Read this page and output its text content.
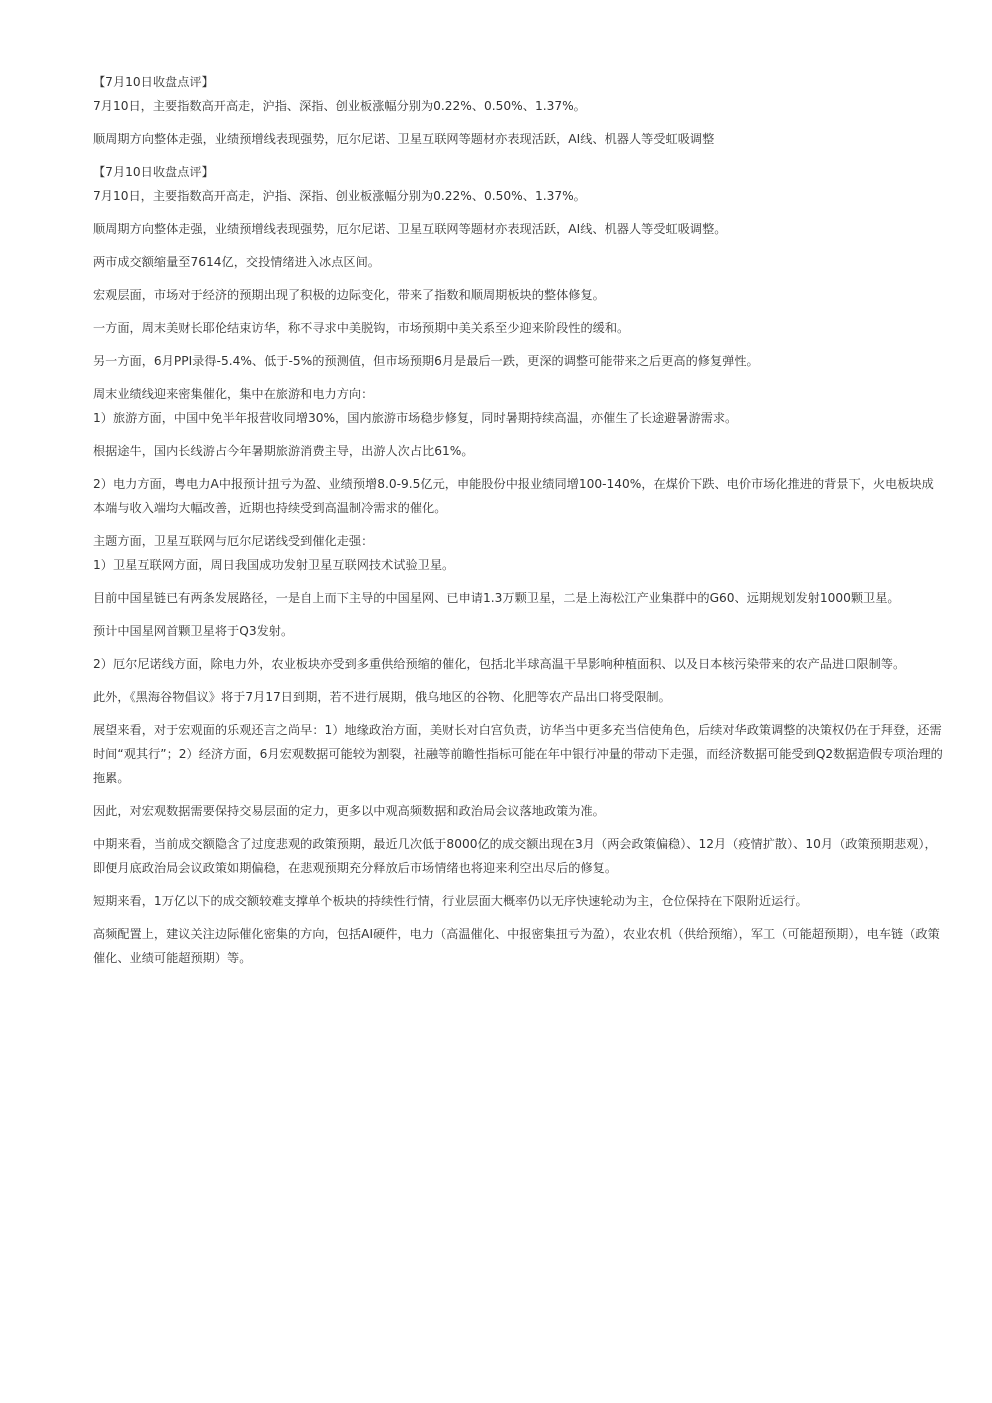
【7月10日收盘点评】

7月10日，主要指数高开高走，沪指、深指、创业板涨幅分别为0.22%、0.50%、1.37%。

顺周期方向整体走强，业绩预增线表现强势，厄尔尼诺、卫星互联网等题材亦表现活跃，AI线、机器人等受虹吸调整

【7月10日收盘点评】

7月10日，主要指数高开高走，沪指、深指、创业板涨幅分别为0.22%、0.50%、1.37%。

顺周期方向整体走强，业绩预增线表现强势，厄尔尼诺、卫星互联网等题材亦表现活跃，AI线、机器人等受虹吸调整。

两市成交额缩量至7614亿，交投情绪进入冰点区间。

宏观层面，市场对于经济的预期出现了积极的边际变化，带来了指数和顺周期板块的整体修复。

一方面，周末美财长耶伦结束访华，称不寻求中美脱钩，市场预期中美关系至少迎来阶段性的缓和。

另一方面，6月PPI录得-5.4%、低于-5%的预测值，但市场预期6月是最后一跌，更深的调整可能带来之后更高的修复弹性。

周末业绩线迎来密集催化，集中在旅游和电力方向：

1）旅游方面，中国中免半年报营收同增30%，国内旅游市场稳步修复，同时暑期持续高温，亦催生了长途避暑游需求。

根据途牛，国内长线游占今年暑期旅游消费主导，出游人次占比61%。

2）电力方面，粤电力A中报预计扭亏为盈、业绩预增8.0-9.5亿元，申能股份中报业绩同增100-140%，在煤价下跌、电价市场化推进的背景下，火电板块成本端与收入端均大幅改善，近期也持续受到高温制冷需求的催化。

主题方面，卫星互联网与厄尔尼诺线受到催化走强：

1）卫星互联网方面，周日我国成功发射卫星互联网技术试验卫星。

目前中国星链已有两条发展路径，一是自上而下主导的中国星网、已申请1.3万颗卫星，二是上海松江产业集群中的G60、远期规划发射1000颗卫星。

预计中国星网首颗卫星将于Q3发射。

2）厄尔尼诺线方面，除电力外，农业板块亦受到多重供给预缩的催化，包括北半球高温干旱影响种植面积、以及日本核污染带来的农产品进口限制等。

此外，《黑海谷物倡议》将于7月17日到期，若不进行展期，俄乌地区的谷物、化肥等农产品出口将受限制。

展望来看，对于宏观面的乐观还言之尚早：1）地缘政治方面，美财长对白宫负责，访华当中更多充当信使角色，后续对华政策调整的决策权仍在于拜登，还需时间“观其行”；2）经济方面，6月宏观数据可能较为割裂，社融等前瞻性指标可能在年中银行冲量的带动下走强，而经济数据可能受到Q2数据造假专项治理的拖累。

因此，对宏观数据需要保持交易层面的定力，更多以中观高频数据和政治局会议落地政策为准。

中期来看，当前成交额隐含了过度悲观的政策预期，最近几次低于8000亿的成交额出现在3月（两会政策偏稳）、12月（疫情扩散）、10月（政策预期悲观），即便月底政治局会议政策如期偏稳，在悲观预期充分释放后市场情绪也将迎来利空出尽后的修复。

短期来看，1万亿以下的成交额较难支撑单个板块的持续性行情，行业层面大概率仍以无序快速轮动为主，仓位保持在下限附近运行。

高频配置上，建议关注边际催化密集的方向，包括AI硬件，电力（高温催化、中报密集扭亏为盈），农业农机（供给预缩），军工（可能超预期），电车链（政策催化、业绩可能超预期）等。
